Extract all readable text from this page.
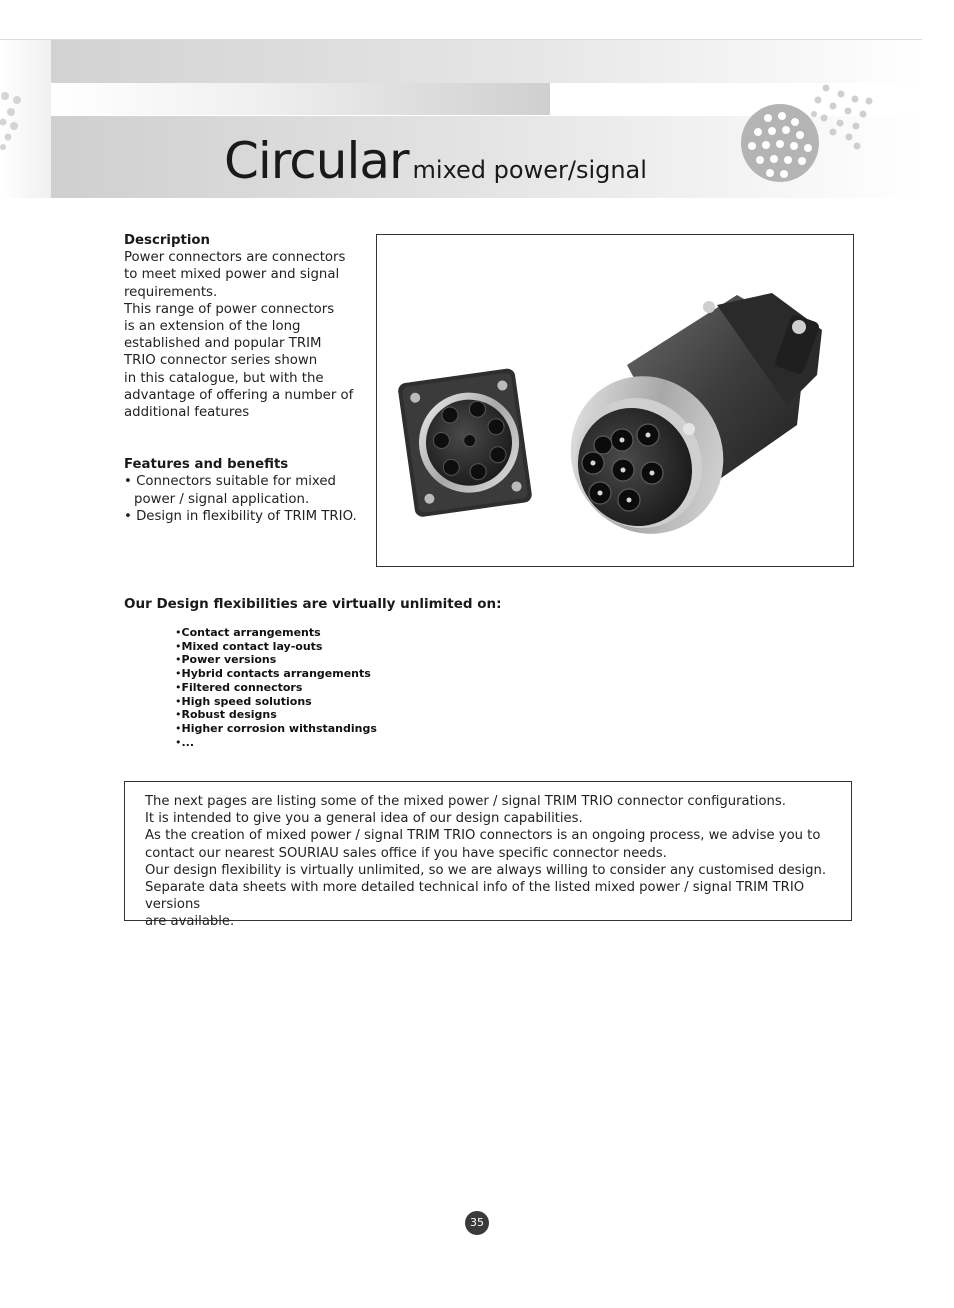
Circular mixed power/signal
Description

Power connectors are connectors

to meet mixed power and signal

requirements.

This range of power connectors

is an extension of the long

established and popular TRIM

TRIO connector series shown

in this catalogue, but with the

advantage of offering a number of

additional features

Features and benefits
• Connectors suitable for mixed power / signal application.
• Design in flexibility of TRIM TRIO.
Our Design flexibilities are virtually unlimited on:
• Contact arrangements
• Mixed contact lay-outs
• Power versions
• Hybrid contacts arrangements
• Filtered connectors
• High speed solutions
• Robust designs
• Higher corrosion withstandings
• ...

The next pages are listing some of the mixed power / signal TRIM TRIO connector configurations.

It is intended to give you a general idea of our design capabilities.

As the creation of mixed power / signal TRIM TRIO connectors is an ongoing process, we advise you to

contact our nearest SOURIAU sales office if you have specific connector needs.

Our design flexibility is virtually unlimited, so we are always willing to consider any customised design.

Separate data sheets with more detailed technical info of the listed mixed power / signal TRIM TRIO versions

are available.

35
